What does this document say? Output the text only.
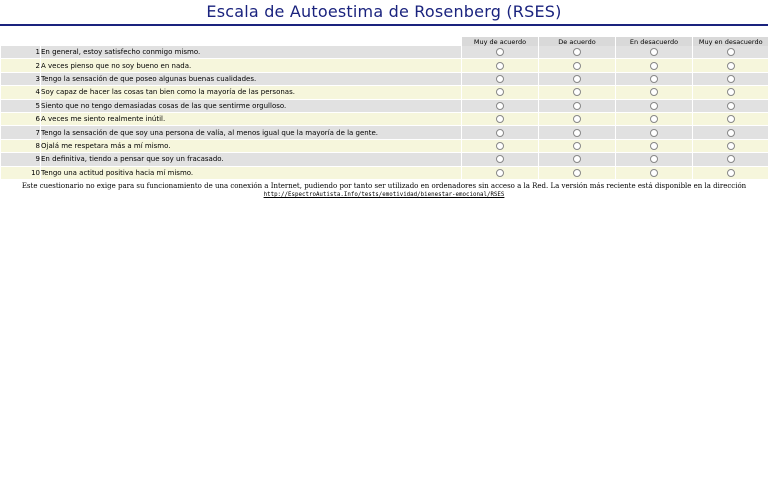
Escala de Autoestima de Rosenberg (RSES)
		Muy de acuerdo	De acuerdo	En desacuerdo	Muy en desacuerdo
1	En general, estoy satisfecho conmigo mismo.				
2	A veces pienso que no soy bueno en nada.				
3	Tengo la sensación de que poseo algunas buenas cualidades.				
4	Soy capaz de hacer las cosas tan bien como la mayoría de las personas.				
5	Siento que no tengo demasiadas cosas de las que sentirme orgulloso.				
6	A veces me siento realmente inútil.				
7	Tengo la sensación de que soy una persona de valía, al menos igual que la mayoría de la gente.				
8	Ojalá me respetara más a mí mismo.				
9	En definitiva, tiendo a pensar que soy un fracasado.				
10	Tengo una actitud positiva hacia mí mismo.				
Este cuestionario no exige para su funcionamiento de una conexión a Internet, pudiendo por tanto ser utilizado en ordenadores sin acceso a la Red. La versión más reciente está disponible en la dirección
http://EspectroAutista.Info/tests/emotividad/bienestar-emocional/RSES
